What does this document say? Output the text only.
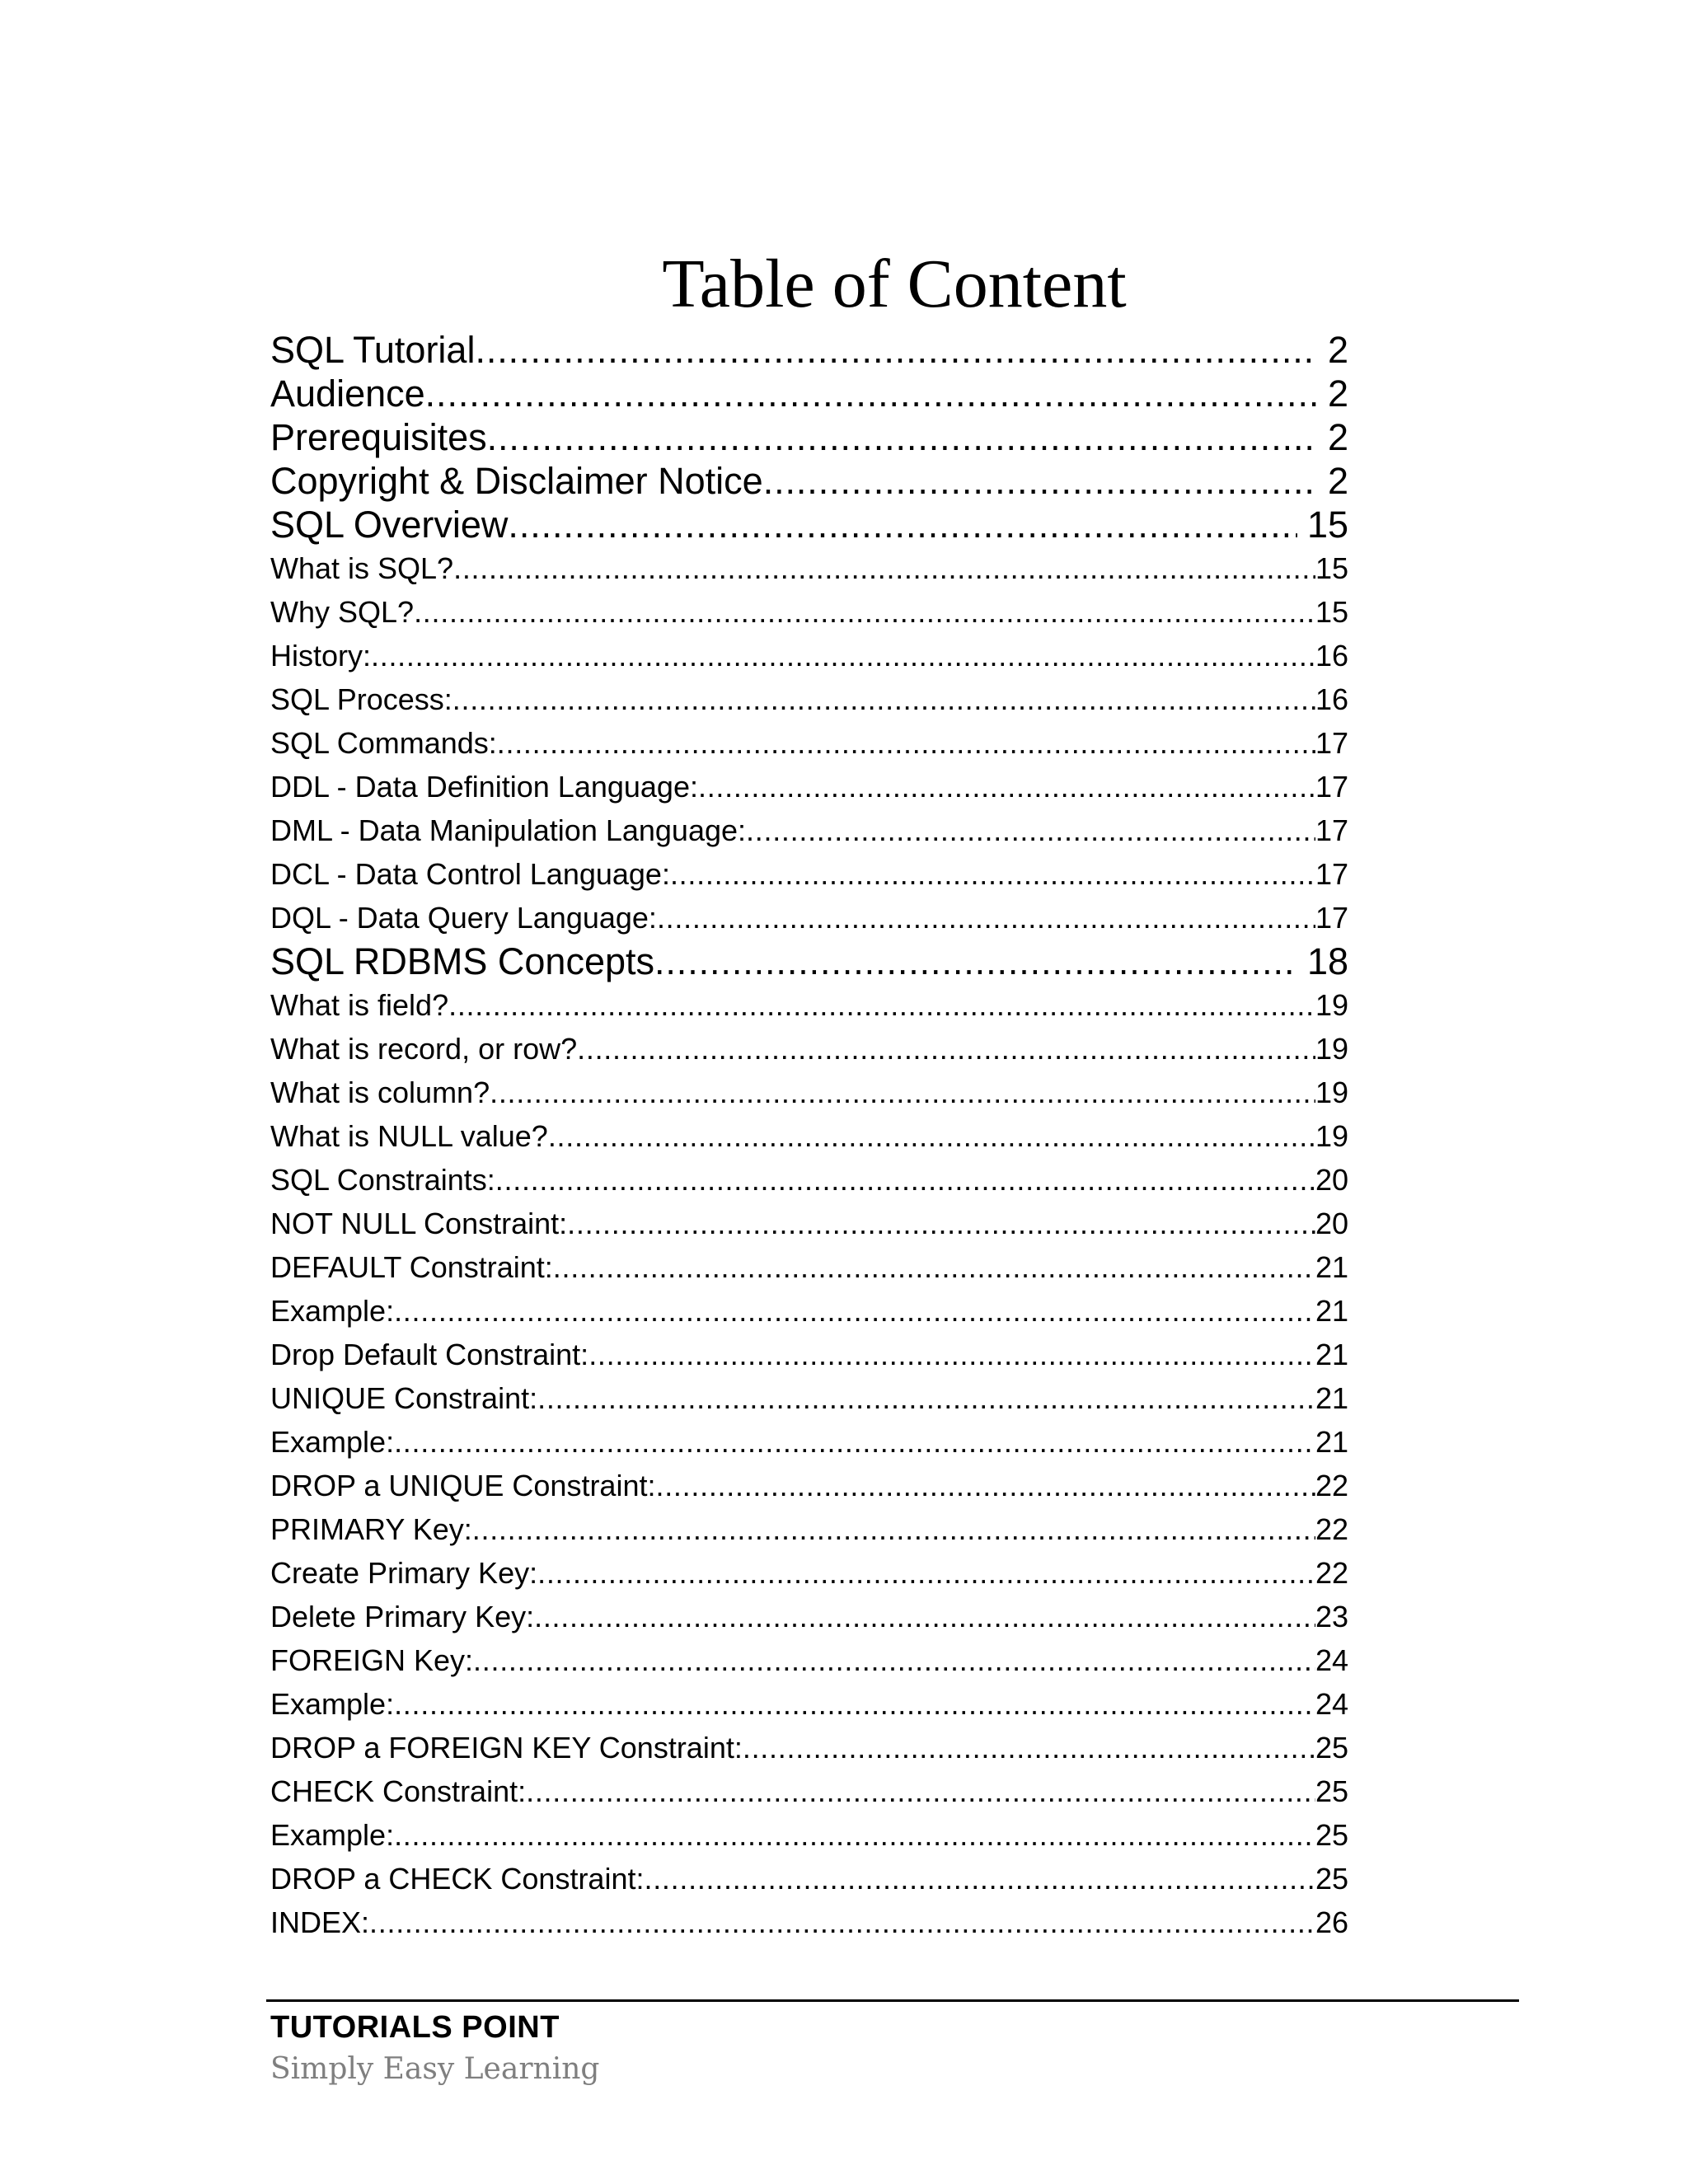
Table of Content
SQL Tutorial .....	2
Audience .....	2
Prerequisites .....	2
Copyright & Disclaimer Notice .....	2
SQL Overview .....	15
What is SQL? .....	15
Why SQL? .....	15
History: .....	16
SQL Process: .....	16
SQL Commands: .....	17
DDL - Data Definition Language: .....	17
DML - Data Manipulation Language: .....	17
DCL - Data Control Language: .....	17
DQL - Data Query Language: .....	17
SQL RDBMS Concepts .....	18
What is field? .....	19
What is record, or row? .....	19
What is column? .....	19
What is NULL value? .....	19
SQL Constraints: .....	20
NOT NULL Constraint: .....	20
DEFAULT Constraint: .....	21
Example: .....	21
Drop Default Constraint: .....	21
UNIQUE Constraint: .....	21
Example: .....	21
DROP a UNIQUE Constraint: .....	22
PRIMARY Key: .....	22
Create Primary Key: .....	22
Delete Primary Key: .....	23
FOREIGN Key: .....	24
Example: .....	24
DROP a FOREIGN KEY Constraint: .....	25
CHECK Constraint: .....	25
Example: .....	25
DROP a CHECK Constraint: .....	25
INDEX: .....	26
TUTORIALS POINT
Simply Easy Learning
